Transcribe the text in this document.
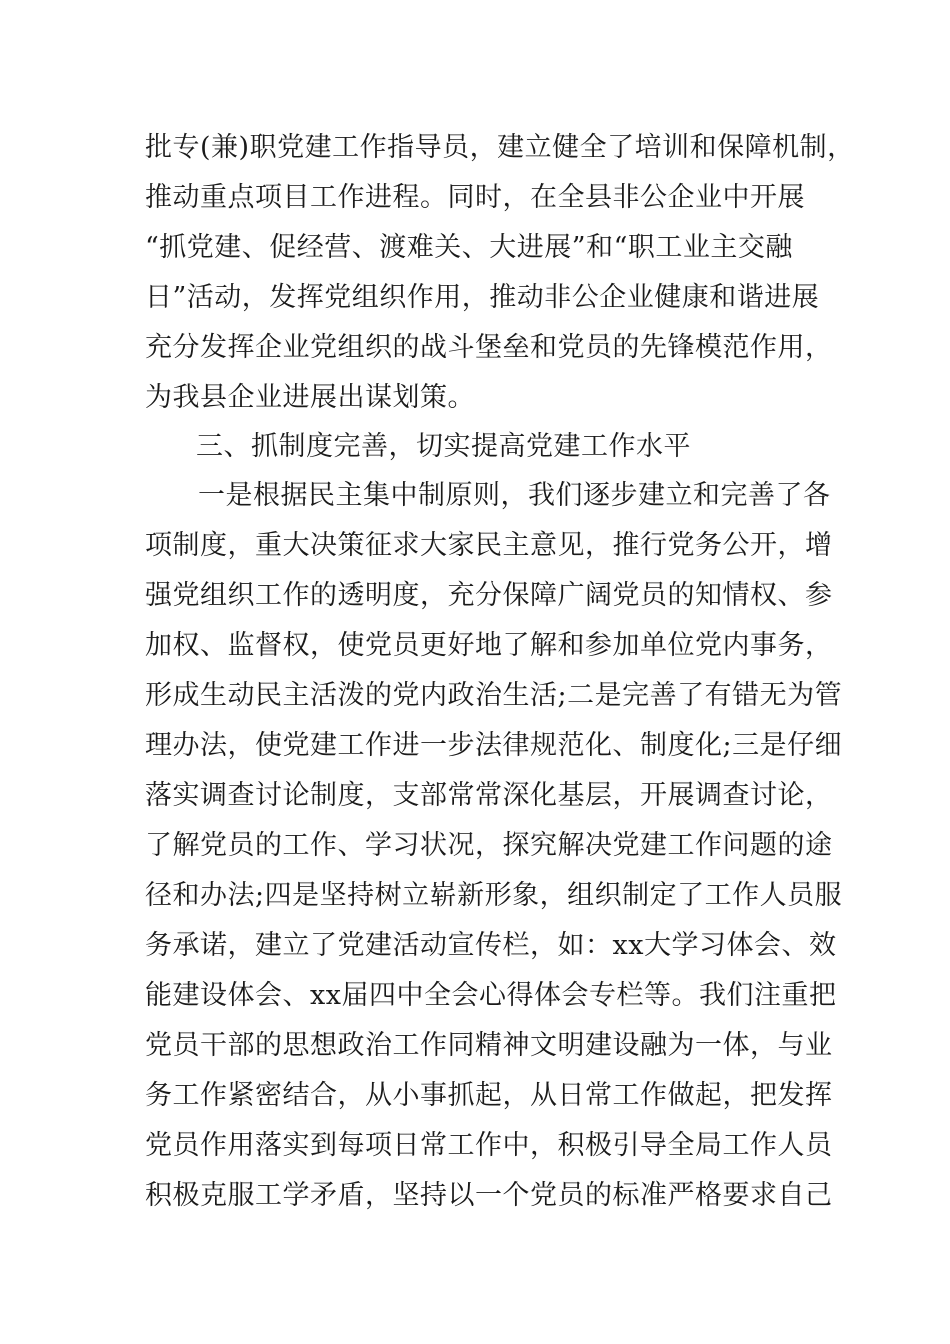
批专(兼)职党建工作指导员，建立健全了培训和保障机制，
推动重点项目工作进程。同时，在全县非公企业中开展
“抓党建、促经营、渡难关、大进展”和“职工业主交融
日”活动，发挥党组织作用，推动非公企业健康和谐进展
充分发挥企业党组织的战斗堡垒和党员的先锋模范作用，
为我县企业进展出谋划策。
三、抓制度完善，切实提高党建工作水平
一是根据民主集中制原则，我们逐步建立和完善了各
项制度，重大决策征求大家民主意见，推行党务公开，增
强党组织工作的透明度，充分保障广阔党员的知情权、参
加权、监督权，使党员更好地了解和参加单位党内事务，
形成生动民主活泼的党内政治生活;二是完善了有错无为管
理办法，使党建工作进一步法律规范化、制度化;三是仔细
落实调查讨论制度，支部常常深化基层，开展调查讨论，
了解党员的工作、学习状况，探究解决党建工作问题的途
径和办法;四是坚持树立崭新形象，组织制定了工作人员服
务承诺，建立了党建活动宣传栏，如：xx大学习体会、效
能建设体会、xx届四中全会心得体会专栏等。我们注重把
党员干部的思想政治工作同精神文明建设融为一体，与业
务工作紧密结合，从小事抓起，从日常工作做起，把发挥
党员作用落实到每项日常工作中，积极引导全局工作人员
积极克服工学矛盾，坚持以一个党员的标准严格要求自己
